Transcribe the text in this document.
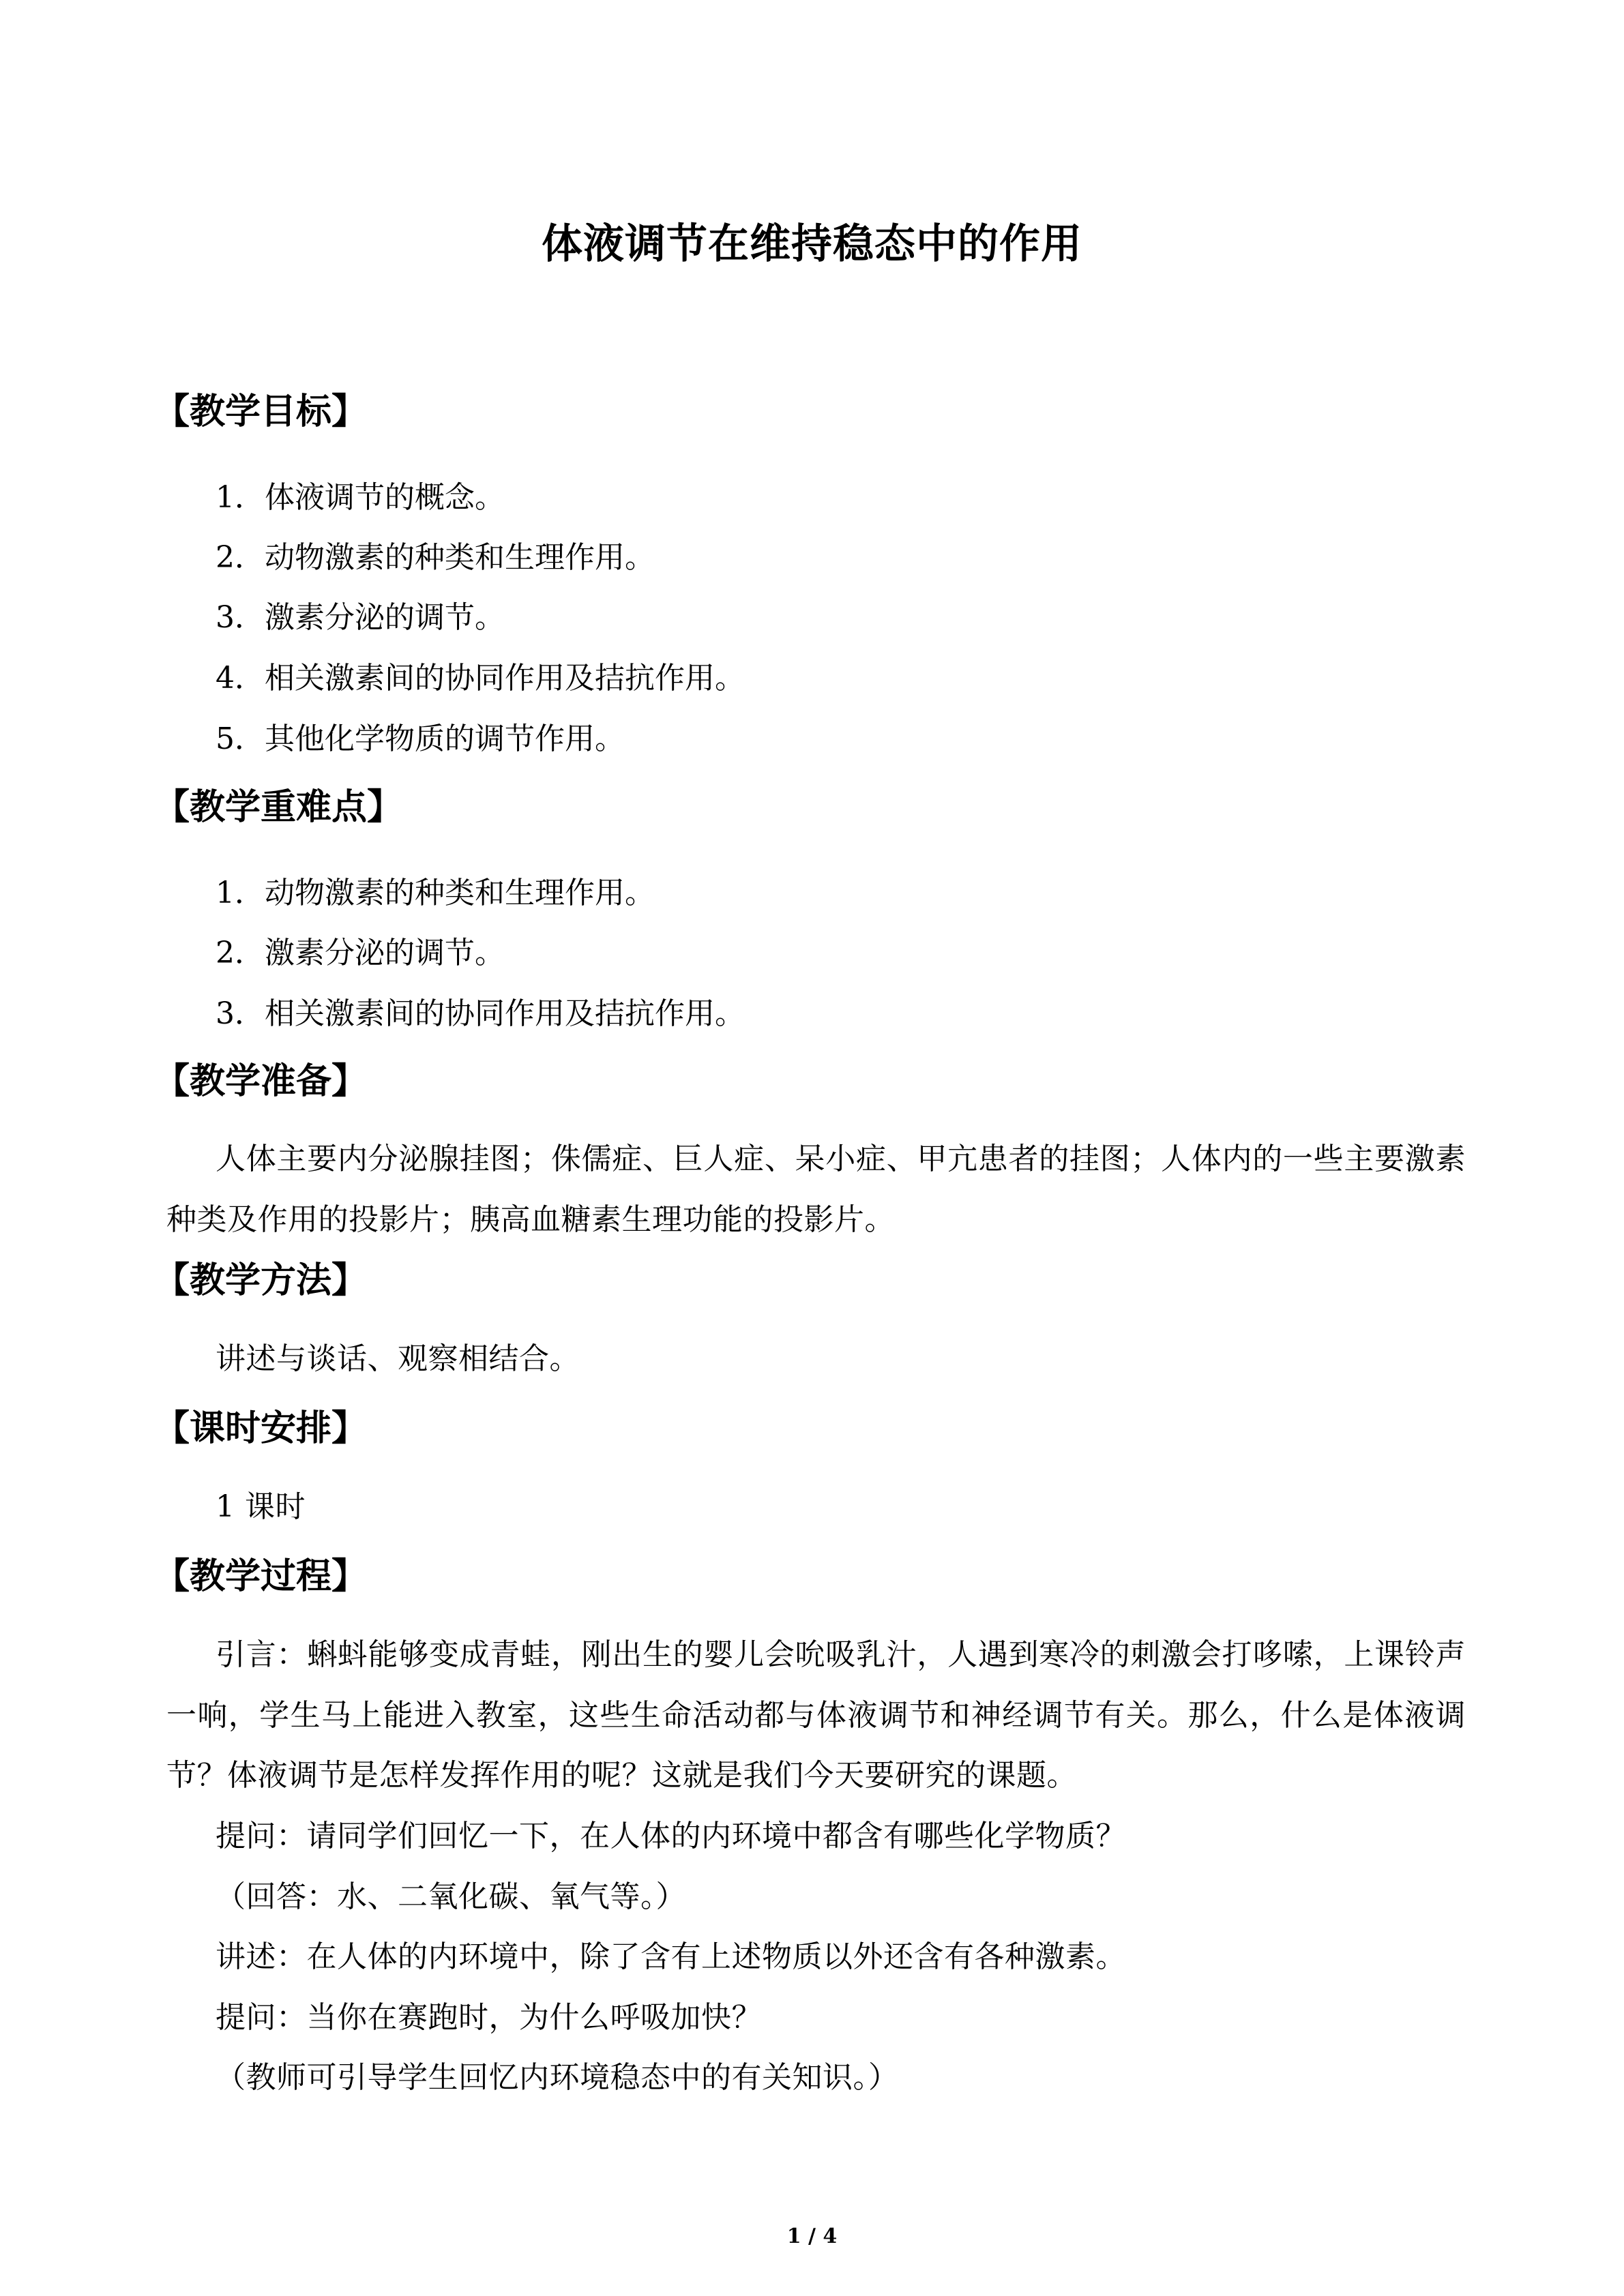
体液调节在维持稳态中的作用
【教学目标】
1．体液调节的概念。
2．动物激素的种类和生理作用。
3．激素分泌的调节。
4．相关激素间的协同作用及拮抗作用。
5．其他化学物质的调节作用。
【教学重难点】
1．动物激素的种类和生理作用。
2．激素分泌的调节。
3．相关激素间的协同作用及拮抗作用。
【教学准备】
人体主要内分泌腺挂图；侏儒症、巨人症、呆小症、甲亢患者的挂图；人体内的一些主要激素种类及作用的投影片；胰高血糖素生理功能的投影片。
【教学方法】
讲述与谈话、观察相结合。
【课时安排】
1 课时
【教学过程】
引言：蝌蚪能够变成青蛙，刚出生的婴儿会吮吸乳汁，人遇到寒冷的刺激会打哆嗦，上课铃声一响，学生马上能进入教室，这些生命活动都与体液调节和神经调节有关。那么，什么是体液调节？体液调节是怎样发挥作用的呢？这就是我们今天要研究的课题。
提问：请同学们回忆一下，在人体的内环境中都含有哪些化学物质？
（回答：水、二氧化碳、氧气等。）
讲述：在人体的内环境中，除了含有上述物质以外还含有各种激素。
提问：当你在赛跑时，为什么呼吸加快？
（教师可引导学生回忆内环境稳态中的有关知识。）
1 / 4
